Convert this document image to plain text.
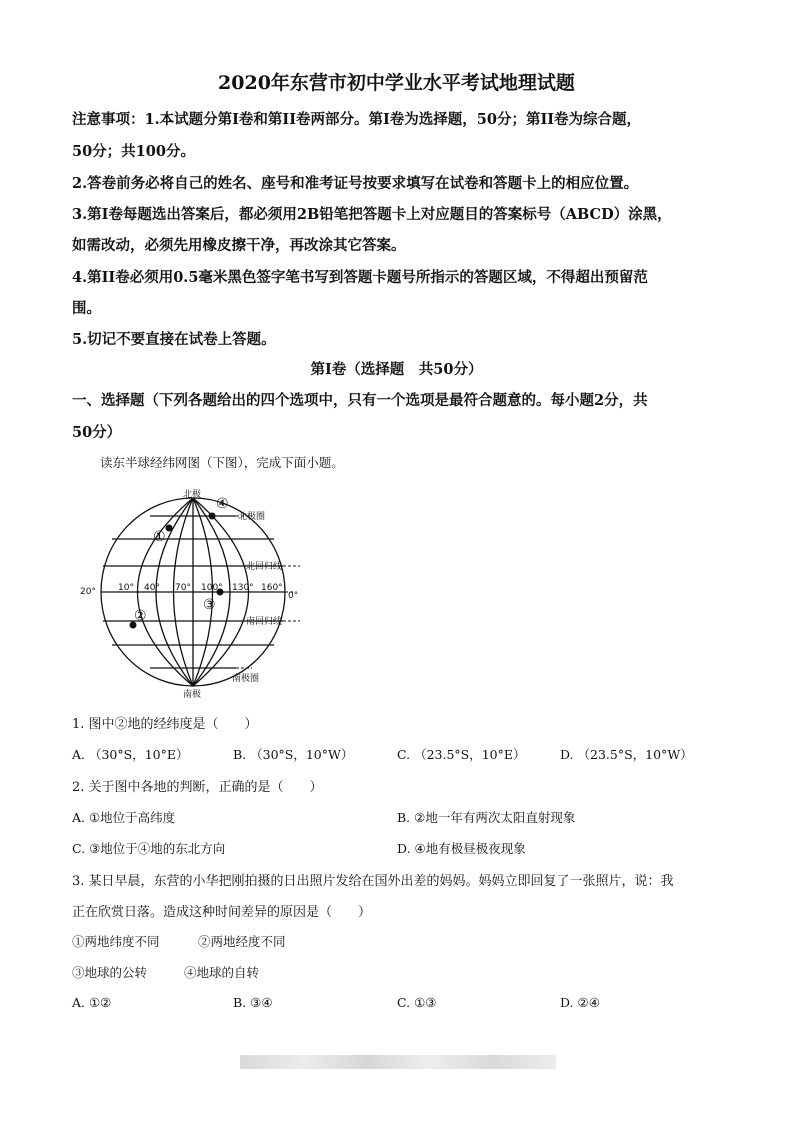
2020年东营市初中学业水平考试地理试题
注意事项：1.本试题分第Ⅰ卷和第II卷两部分。第Ⅰ卷为选择题，50分；第II卷为综合题，
50分；共100分。
2.答卷前务必将自己的姓名、座号和准考证号按要求填写在试卷和答题卡上的相应位置。
3.第Ⅰ卷每题选出答案后，都必须用2B铅笔把答题卡上对应题目的答案标号（ABCD）涂黑，
如需改动，必须先用橡皮擦干净，再改涂其它答案。
4.第II卷必须用0.5毫米黑色签字笔书写到答题卡题号所指示的答题区域，不得超出预留范
围。
5.切记不要直接在试卷上答题。
第Ⅰ卷（选择题　共50分）
一、选择题（下列各题给出的四个选项中，只有一个选项是最符合题意的。每小题2分，共
50分）
读东半球经纬网图（下图），完成下面小题。
北极
南极
北极圈
北回归线
南回归线
南极圈
20° 10° 40° 70° 100° 130° 160°
0°
④
①
②
③
1. 图中②地的经纬度是（　　）
A. （30°S，10°E）	B. （30°S，10°W）	C. （23.5°S，10°E）	D. （23.5°S，10°W）
2. 关于图中各地的判断，正确的是（　　）
A. ①地位于高纬度	B. ②地一年有两次太阳直射现象
C. ③地位于④地的东北方向	D. ④地有极昼极夜现象
3. 某日早晨，东营的小华把刚拍摄的日出照片发给在国外出差的妈妈。妈妈立即回复了一张照片，说：我
正在欣赏日落。造成这种时间差异的原因是（　　）
①两地纬度不同	②两地经度不同
③地球的公转	④地球的自转
A. ①②	B. ③④	C. ①③	D. ②④
